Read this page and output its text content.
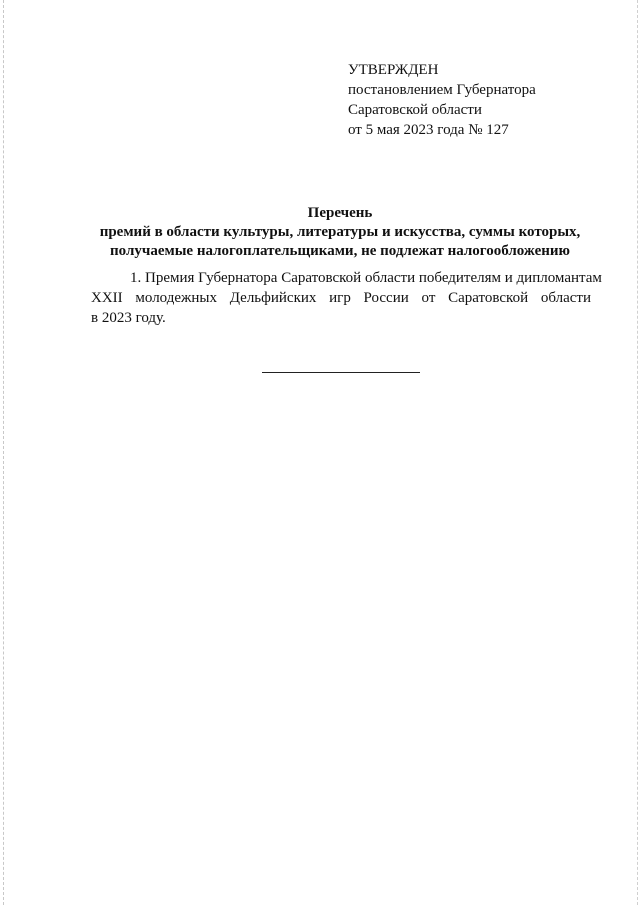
УТВЕРЖДЕН
постановлением Губернатора
Саратовской области
от 5 мая 2023 года № 127
Перечень
премий в области культуры, литературы и искусства, суммы которых,
получаемые налогоплательщиками, не подлежат налогообложению
1. Премия Губернатора Саратовской области победителям и дипломантам
XXII молодежных Дельфийских игр России от Саратовской области
в 2023 году.
